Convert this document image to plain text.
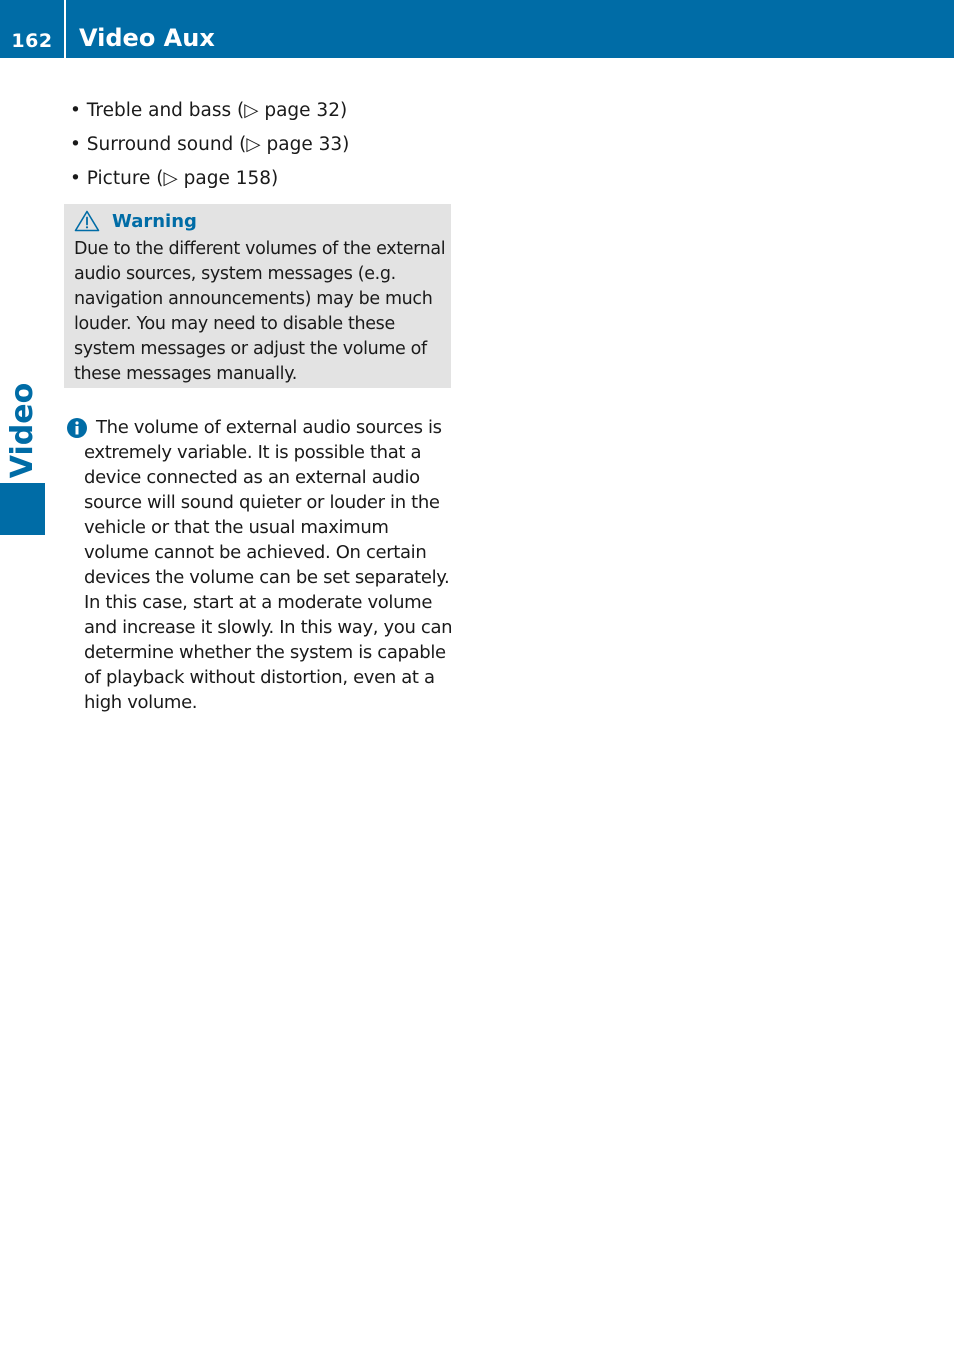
162	Video Aux
Video
• Treble and bass (▷ page 32)
• Surround sound (▷ page 33)
• Picture (▷ page 158)
Warning

Due to the different volumes of the external audio sources, system messages (e.g. navigation announcements) may be much louder. You may need to disable these system messages or adjust the volume of these messages manually.

The volume of external audio sources is extremely variable. It is possible that a device connected as an external audio source will sound quieter or louder in the vehicle or that the usual maximum volume cannot be achieved. On certain devices the volume can be set separately. In this case, start at a moderate volume and increase it slowly. In this way, you can determine whether the system is capable of playback without distortion, even at a high volume.
